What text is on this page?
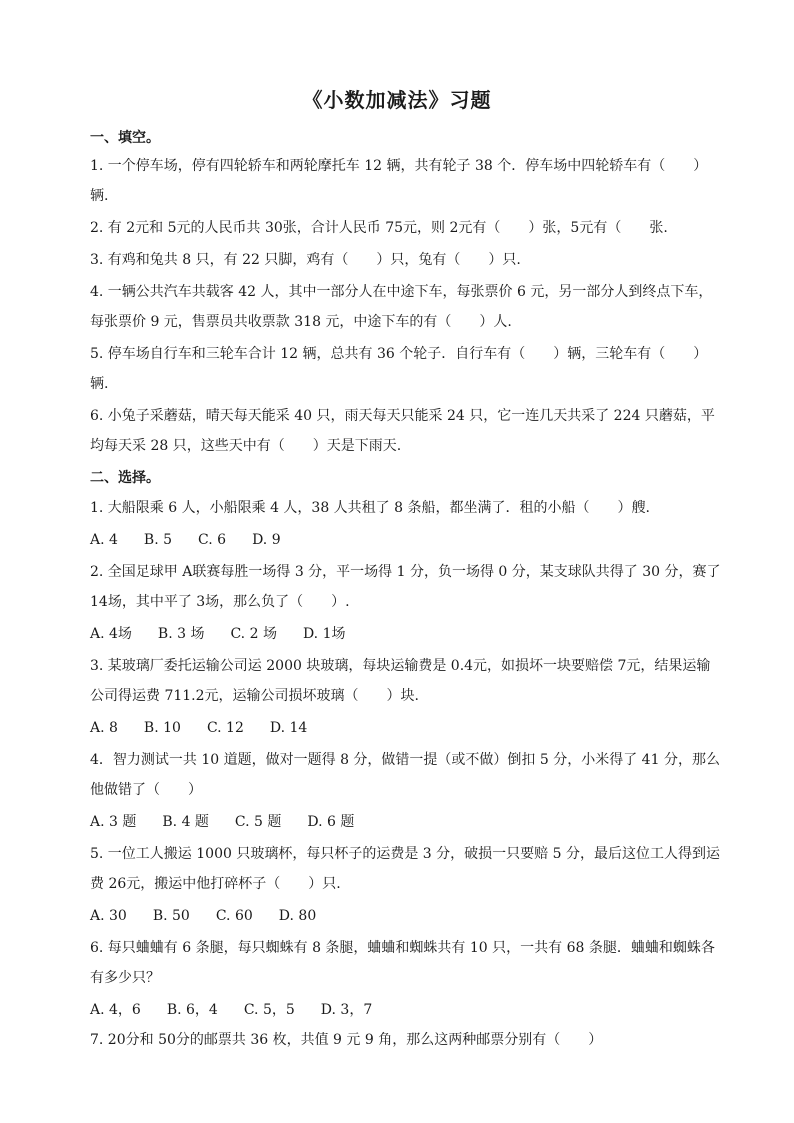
《小数加减法》习题
一、填空。
1. 一个停车场，停有四轮轿车和两轮摩托车 12 辆，共有轮子 38 个．停车场中四轮轿车有（　　）
辆.
2. 有 2元和 5元的人民币共 30张，合计人民币 75元，则 2元有（　　）张，5元有（　　张.
3. 有鸡和兔共 8 只，有 22 只脚，鸡有（　　）只，兔有（　　）只.
4. 一辆公共汽车共载客 42 人，其中一部分人在中途下车，每张票价 6 元，另一部分人到终点下车，
每张票价 9 元，售票员共收票款 318 元，中途下车的有（　　）人.
5. 停车场自行车和三轮车合计 12 辆，总共有 36 个轮子．自行车有（　　）辆，三轮车有（　　）
辆.
6. 小兔子采蘑菇，晴天每天能采 40 只，雨天每天只能采 24 只，它一连几天共采了 224 只蘑菇，平
均每天采 28 只，这些天中有（　　）天是下雨天.
二、选择。
1. 大船限乘 6 人，小船限乘 4 人，38 人共租了 8 条船，都坐满了．租的小船（　　）艘.
A. 4 B. 5 C. 6 D. 9
2. 全国足球甲 A联赛每胜一场得 3 分，平一场得 1 分，负一场得 0 分，某支球队共得了 30 分，赛了
14场，其中平了 3场，那么负了（　　）.
A. 4场 B. 3 场 C. 2 场 D. 1场
3. 某玻璃厂委托运输公司运 2000 块玻璃，每块运输费是 0.4元，如损坏一块要赔偿 7元，结果运输
公司得运费 711.2元，运输公司损坏玻璃（　　）块.
A. 8 B. 10 C. 12 D. 14
4．智力测试一共 10 道题，做对一题得 8 分，做错一提（或不做）倒扣 5 分，小米得了 41 分，那么
他做错了（　　）
A. 3 题 B. 4 题 C. 5 题 D. 6 题
5. 一位工人搬运 1000 只玻璃杯，每只杯子的运费是 3 分，破损一只要赔 5 分，最后这位工人得到运
费 26元，搬运中他打碎杯子（　　）只.
A. 30 B. 50 C. 60 D. 80
6. 每只蛐蛐有 6 条腿，每只蜘蛛有 8 条腿，蛐蛐和蜘蛛共有 10 只，一共有 68 条腿．蛐蛐和蜘蛛各
有多少只？
A. 4，6 B. 6，4 C. 5，5 D. 3，7
7. 20分和 50分的邮票共 36 枚，共值 9 元 9 角，那么这两种邮票分别有（　　）
